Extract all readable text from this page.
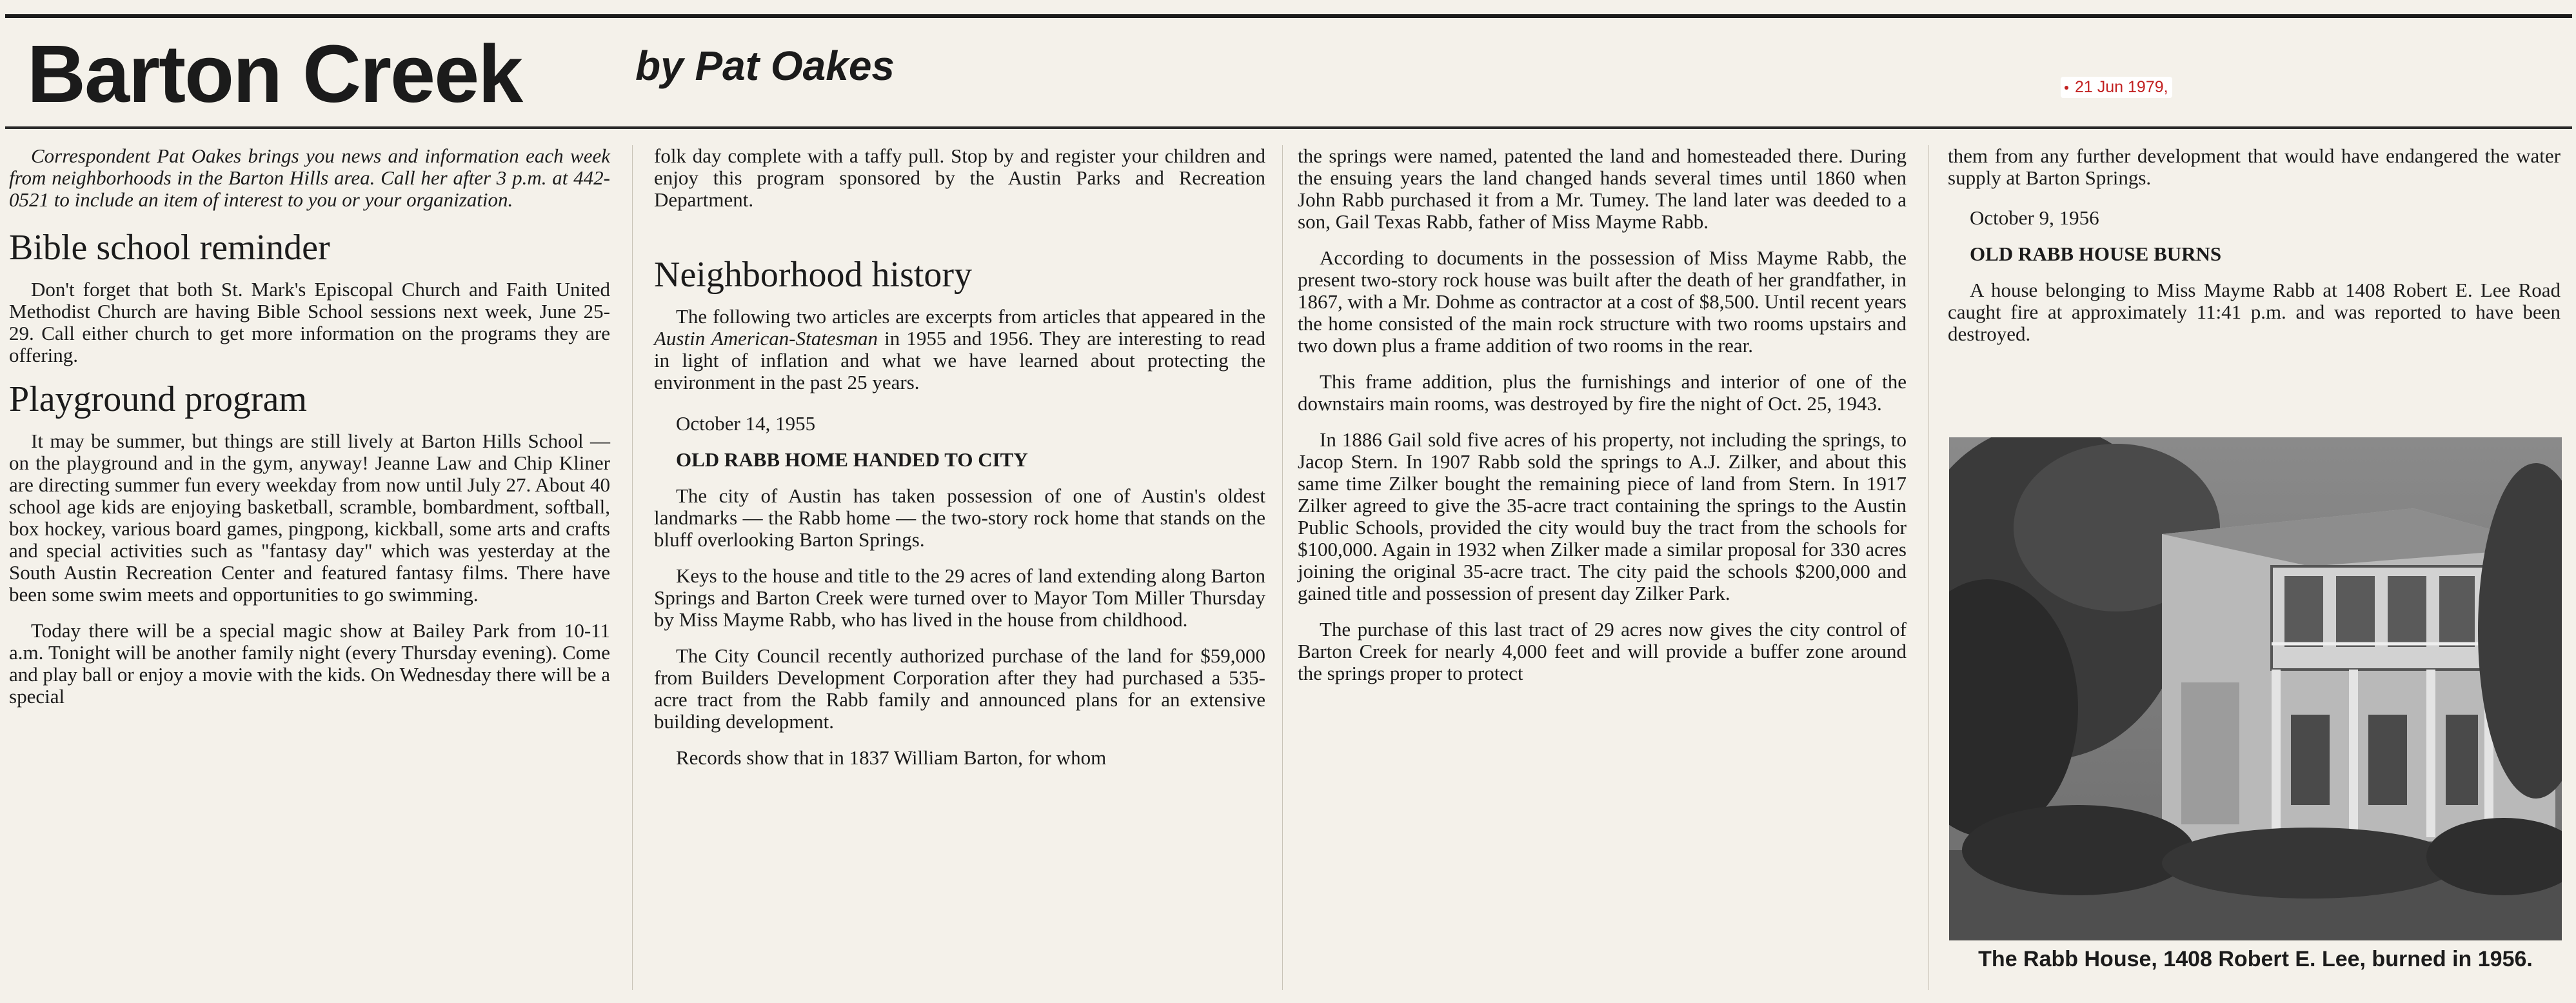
Barton Creek	by Pat Oakes	21 Jun 1979,

Correspondent Pat Oakes brings you news and information each week from neighborhoods in the Barton Hills area. Call her after 3 p.m. at 442-0521 to include an item of interest to you or your organization.

Bible school reminder

Don't forget that both St. Mark's Episcopal Church and Faith United Methodist Church are having Bible School sessions next week, June 25-29. Call either church to get more information on the programs they are offering.

Playground program

It may be summer, but things are still lively at Barton Hills School — on the playground and in the gym, anyway! Jeanne Law and Chip Kliner are directing summer fun every weekday from now until July 27. About 40 school age kids are enjoying basketball, scramble, bombardment, softball, box hockey, various board games, pingpong, kickball, some arts and crafts and special activities such as "fantasy day" which was yesterday at the South Austin Recreation Center and featured fantasy films. There have been some swim meets and opportunities to go swimming.

Today there will be a special magic show at Bailey Park from 10-11 a.m. Tonight will be another family night (every Thursday evening). Come and play ball or enjoy a movie with the kids. On Wednesday there will be a special

folk day complete with a taffy pull. Stop by and register your children and enjoy this program sponsored by the Austin Parks and Recreation Department.

Neighborhood history

The following two articles are excerpts from articles that appeared in the Austin American-Statesman in 1955 and 1956. They are interesting to read in light of inflation and what we have learned about protecting the environment in the past 25 years.

October 14, 1955

OLD RABB HOME HANDED TO CITY

The city of Austin has taken possession of one of Austin's oldest landmarks — the Rabb home — the two-story rock home that stands on the bluff overlooking Barton Springs.

Keys to the house and title to the 29 acres of land extending along Barton Springs and Barton Creek were turned over to Mayor Tom Miller Thursday by Miss Mayme Rabb, who has lived in the house from childhood.

The City Council recently authorized purchase of the land for $59,000 from Builders Development Corporation after they had purchased a 535-acre tract from the Rabb family and announced plans for an extensive building development.

Records show that in 1837 William Barton, for whom

the springs were named, patented the land and homesteaded there. During the ensuing years the land changed hands several times until 1860 when John Rabb purchased it from a Mr. Tumey. The land later was deeded to a son, Gail Texas Rabb, father of Miss Mayme Rabb.

According to documents in the possession of Miss Mayme Rabb, the present two-story rock house was built after the death of her grandfather, in 1867, with a Mr. Dohme as contractor at a cost of $8,500. Until recent years the home consisted of the main rock structure with two rooms upstairs and two down plus a frame addition of two rooms in the rear.

This frame addition, plus the furnishings and interior of one of the downstairs main rooms, was destroyed by fire the night of Oct. 25, 1943.

In 1886 Gail sold five acres of his property, not including the springs, to Jacop Stern. In 1907 Rabb sold the springs to A.J. Zilker, and about this same time Zilker bought the remaining piece of land from Stern. In 1917 Zilker agreed to give the 35-acre tract containing the springs to the Austin Public Schools, provided the city would buy the tract from the schools for $100,000. Again in 1932 when Zilker made a similar proposal for 330 acres joining the original 35-acre tract. The city paid the schools $200,000 and gained title and possession of present day Zilker Park.

The purchase of this last tract of 29 acres now gives the city control of Barton Creek for nearly 4,000 feet and will provide a buffer zone around the springs proper to protect

them from any further development that would have endangered the water supply at Barton Springs.

October 9, 1956

OLD RABB HOUSE BURNS

A house belonging to Miss Mayme Rabb at 1408 Robert E. Lee Road caught fire at approximately 11:41 p.m. and was reported to have been destroyed.

The Rabb House, 1408 Robert E. Lee, burned in 1956.
